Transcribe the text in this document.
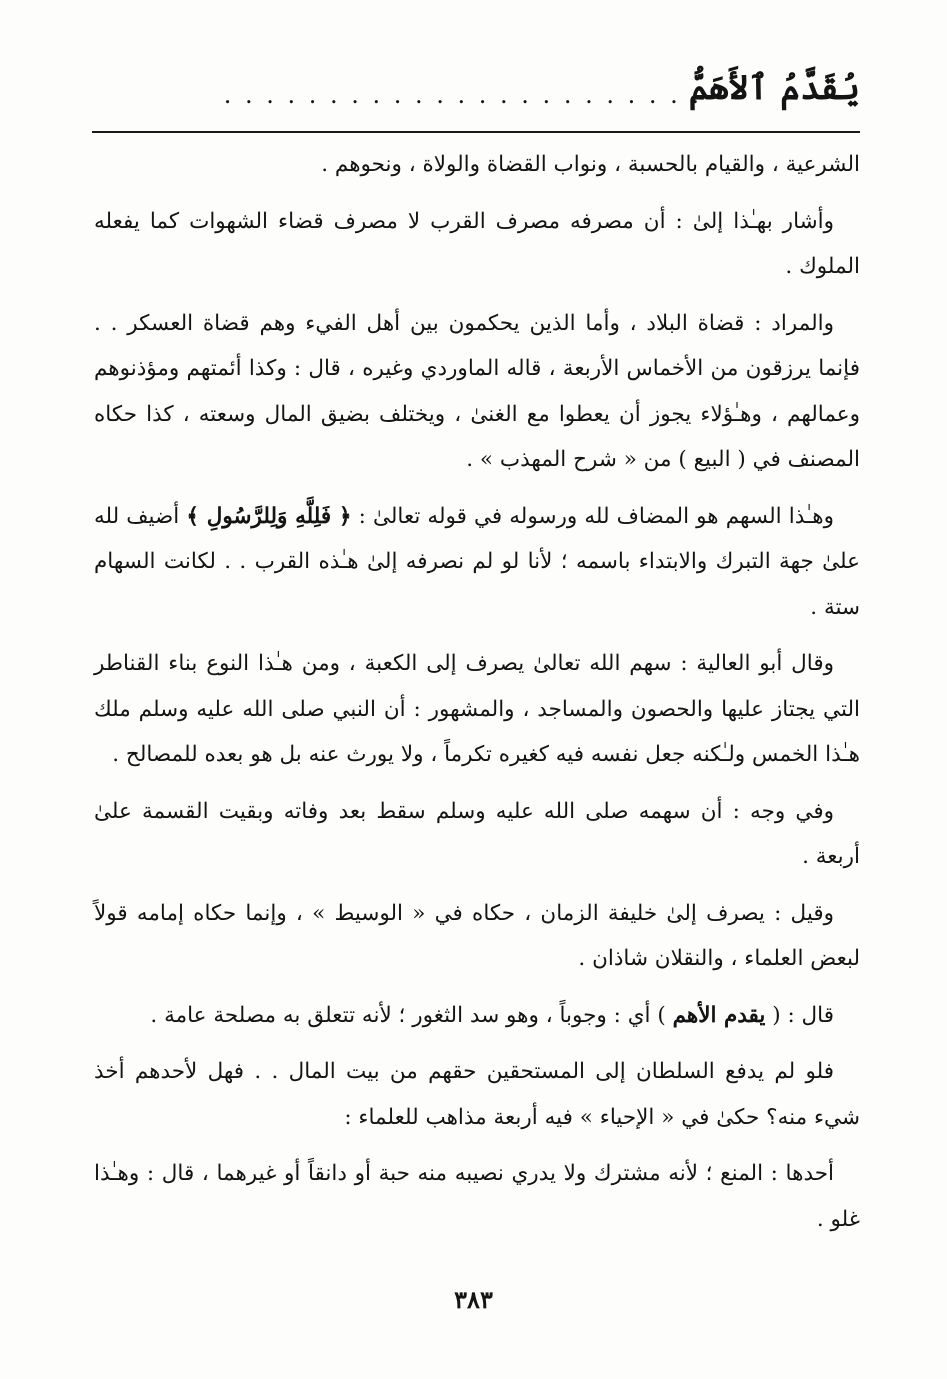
يُقَدَّمُ ٱلأَهَمُّ
. . . . . . . . . . . . . . . . . . . . . . .

الشرعية ، والقيام بالحسبة ، ونواب القضاة والولاة ، ونحوهم .

وأشار بهـٰذا إلىٰ : أن مصرفه مصرف القرب لا مصرف قضاء الشهوات كما يفعله الملوك .

والمراد : قضاة البلاد ، وأما الذين يحكمون بين أهل الفيء وهم قضاة العسكر . . فإنما يرزقون من الأخماس الأربعة ، قاله الماوردي وغيره ، قال : وكذا أئمتهم ومؤذنوهم وعمالهم ، وهـٰؤلاء يجوز أن يعطوا مع الغنىٰ ، ويختلف بضيق المال وسعته ، كذا حكاه المصنف في ( البيع ) من « شرح المهذب » .

وهـٰذا السهم هو المضاف لله ورسوله في قوله تعالىٰ : ﴿ فَلِلَّهِ وَلِلرَّسُولِ ﴾ أضيف لله علىٰ جهة التبرك والابتداء باسمه ؛ لأنا لو لم نصرفه إلىٰ هـٰذه القرب . . لكانت السهام ستة .

وقال أبو العالية : سهم الله تعالىٰ يصرف إلى الكعبة ، ومن هـٰذا النوع بناء القناطر التي يجتاز عليها والحصون والمساجد ، والمشهور : أن النبي صلى الله عليه وسلم ملك هـٰذا الخمس ولـٰكنه جعل نفسه فيه كغيره تكرماً ، ولا يورث عنه بل هو بعده للمصالح .

وفي وجه : أن سهمه صلى الله عليه وسلم سقط بعد وفاته وبقيت القسمة علىٰ أربعة .

وقيل : يصرف إلىٰ خليفة الزمان ، حكاه في « الوسيط » ، وإنما حكاه إمامه قولاً لبعض العلماء ، والنقلان شاذان .

قال : ( يقدم الأهم ) أي : وجوباً ، وهو سد الثغور ؛ لأنه تتعلق به مصلحة عامة .

فلو لم يدفع السلطان إلى المستحقين حقهم من بيت المال . . فهل لأحدهم أخذ شيء منه؟ حكىٰ في « الإحياء » فيه أربعة مذاهب للعلماء :

أحدها : المنع ؛ لأنه مشترك ولا يدري نصيبه منه حبة أو دانقاً أو غيرهما ، قال : وهـٰذا غلو .

٣٨٣
